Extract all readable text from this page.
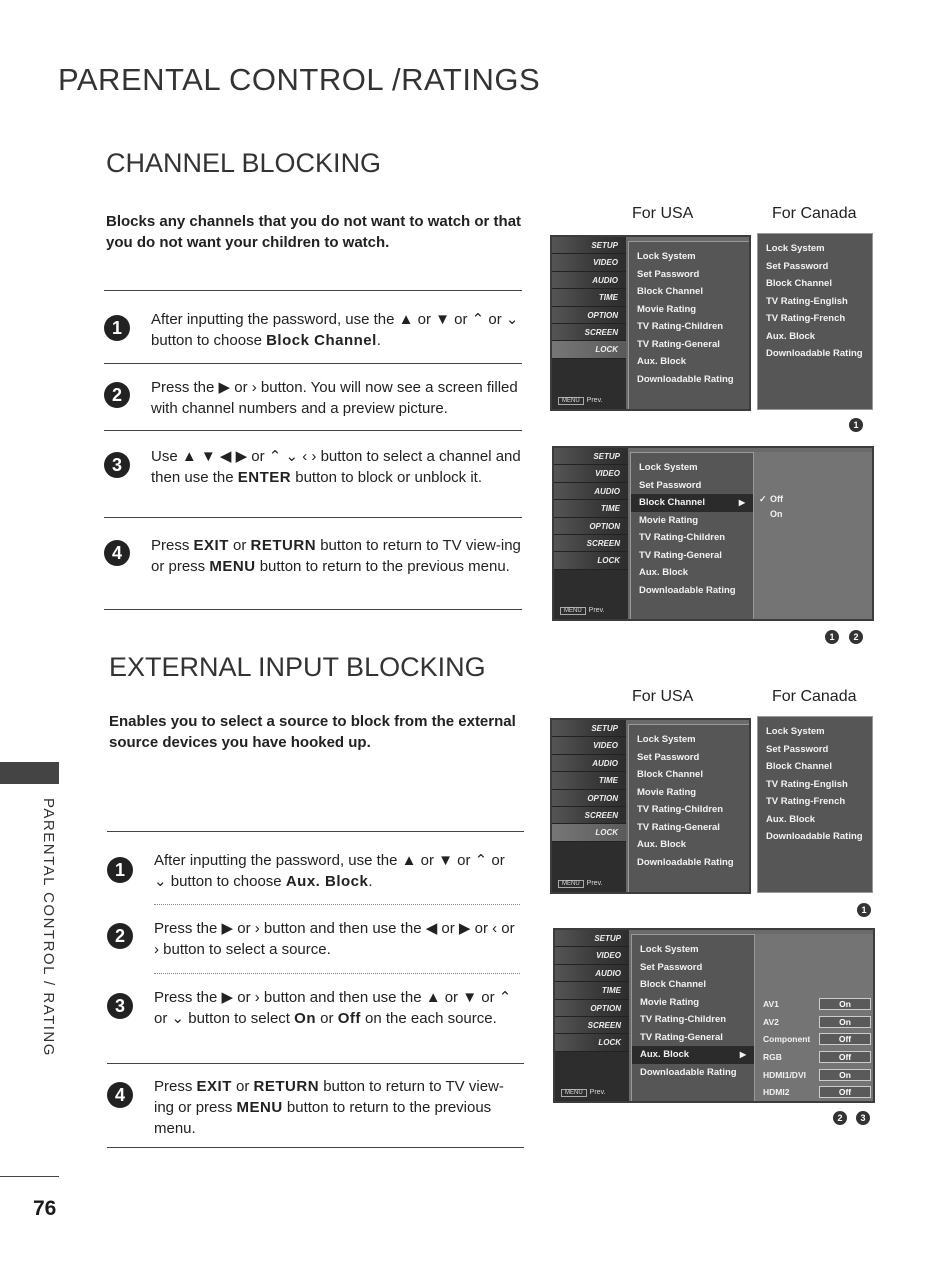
PARENTAL CONTROL /RATINGS
PARENTAL CONTROL / RATING
76
CHANNEL BLOCKING
Blocks any channels that you do not want to watch or that you do not want your children to watch.
1	After inputting the password, use the ▲ or ▼ or ⌃ or ⌄ button to choose Block Channel.
2	Press the ▶ or › button. You will now see a screen filled with channel numbers and a preview picture.
3	Use ▲ ▼ ◀ ▶ or ⌃ ⌄ ‹ › button to select a channel and then use the ENTER button to block or unblock it.
4	Press EXIT or RETURN button to return to TV view-ing or press MENU button to return to the previous menu.
For USA	For Canada
SETUP
VIDEO
AUDIO
TIME
OPTION
SCREEN
LOCK
MENU Prev.
Lock System
Set Password
Block Channel
Movie Rating
TV Rating-Children
TV Rating-General
Aux. Block
Downloadable Rating
Lock System
Set Password
Block Channel
TV Rating-English
TV Rating-French
Aux. Block
Downloadable Rating
1
SETUP
VIDEO
AUDIO
TIME
OPTION
SCREEN
LOCK
MENU Prev.
Lock System
Set Password
Block Channel	▶
Movie Rating
TV Rating-Children
TV Rating-General
Aux. Block
Downloadable Rating
✓ Off
On
1	2
EXTERNAL INPUT BLOCKING
Enables you to select a source to block from the external source devices you have hooked up.
1	After inputting the password, use the ▲ or ▼ or ⌃ or ⌄ button to choose Aux. Block.
2	Press the ▶ or › button and then use the ◀ or ▶ or ‹ or › button to select a source.
3	Press the ▶ or › button and then use the ▲ or ▼ or ⌃ or ⌄ button to select On or Off on the each source.
4	Press EXIT or RETURN button to return to TV view-ing or press MENU button to return to the previous menu.
For USA	For Canada
SETUP
VIDEO
AUDIO
TIME
OPTION
SCREEN
LOCK
MENU Prev.
Lock System
Set Password
Block Channel
Movie Rating
TV Rating-Children
TV Rating-General
Aux. Block
Downloadable Rating
Lock System
Set Password
Block Channel
TV Rating-English
TV Rating-French
Aux. Block
Downloadable Rating
1
SETUP
VIDEO
AUDIO
TIME
OPTION
SCREEN
LOCK
MENU Prev.
Lock System
Set Password
Block Channel
Movie Rating
TV Rating-Children
TV Rating-General
Aux. Block	▶
Downloadable Rating
AV1	On
AV2	On
Component	Off
RGB	Off
HDMI1/DVI	On
HDMI2	Off
2	3
